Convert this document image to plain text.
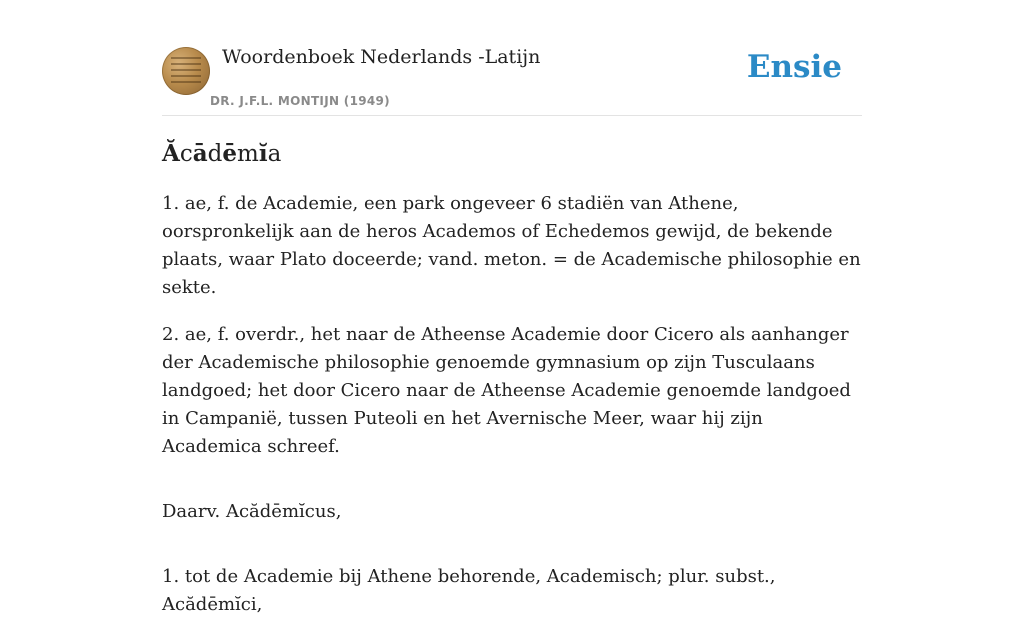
Woordenboek Nederlands -Latijn
DR. J.F.L. MONTIJN (1949)
Ensie
Ăcādēmĭa

1. ae, f. de Academie, een park ongeveer 6 stadiën van Athene, oorspronkelijk aan de heros Academos of Echedemos gewijd, de bekende plaats, waar Plato doceerde; vand. meton. = de Academische philosophie en sekte.

2. ae, f. overdr., het naar de Atheense Academie door Cicero als aanhanger der Academische philosophie genoemde gymnasium op zijn Tusculaans landgoed; het door Cicero naar de Atheense Academie genoemde landgoed in Campanië, tussen Puteoli en het Avernische Meer, waar hij zijn Academica schreef.

Daarv. Acădēmĭcus,

1. tot de Academie bij Athene behorende, Academisch; plur. subst., Acădēmĭci,
